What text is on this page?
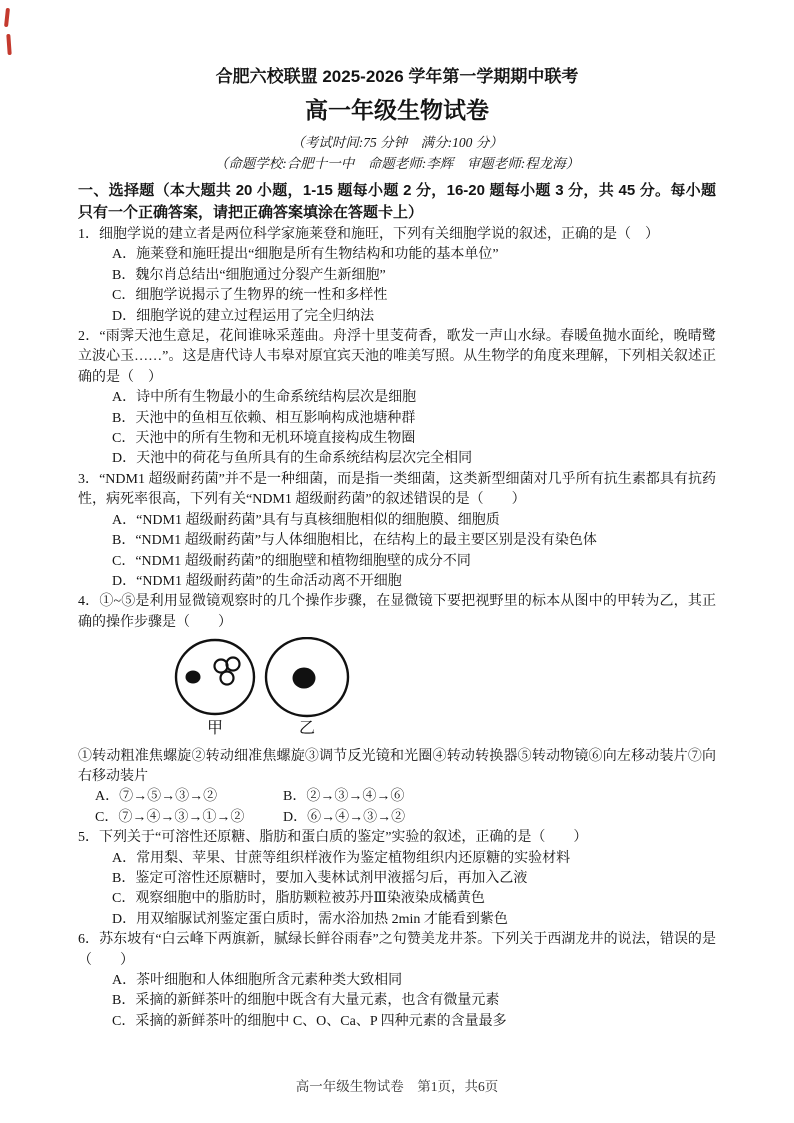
合肥六校联盟 2025-2026 学年第一学期期中联考

高一年级生物试卷

（考试时间:75 分钟　满分:100 分）

（命题学校:合肥十一中　命题老师:李辉　审题老师:程龙海）

一、选择题（本大题共 20 小题，1-15 题每小题 2 分，16-20 题每小题 3 分，共 45 分。每小题只有一个正确答案，请把正确答案填涂在答题卡上）

1．细胞学说的建立者是两位科学家施莱登和施旺，下列有关细胞学说的叙述，正确的是（　）

A．施莱登和施旺提出“细胞是所有生物结构和功能的基本单位”

B．魏尔肖总结出“细胞通过分裂产生新细胞”

C．细胞学说揭示了生物界的统一性和多样性

D．细胞学说的建立过程运用了完全归纳法

2．“雨霁天池生意足，花间谁咏采莲曲。舟浮十里芰荷香，歌发一声山水绿。春暖鱼抛水面纶，晚晴鹭立波心玉……”。这是唐代诗人韦皋对原宜宾天池的唯美写照。从生物学的角度来理解，下列相关叙述正确的是（　）

A．诗中所有生物最小的生命系统结构层次是细胞

B．天池中的鱼相互依赖、相互影响构成池塘种群

C．天池中的所有生物和无机环境直接构成生物圈

D．天池中的荷花与鱼所具有的生命系统结构层次完全相同

3．“NDM1 超级耐药菌”并不是一种细菌，而是指一类细菌，这类新型细菌对几乎所有抗生素都具有抗药性，病死率很高，下列有关“NDM1 超级耐药菌”的叙述错误的是（　　）

A．“NDM1 超级耐药菌”具有与真核细胞相似的细胞膜、细胞质

B．“NDM1 超级耐药菌”与人体细胞相比，在结构上的最主要区别是没有染色体

C．“NDM1 超级耐药菌”的细胞壁和植物细胞壁的成分不同

D．“NDM1 超级耐药菌”的生命活动离不开细胞

4．①~⑤是利用显微镜观察时的几个操作步骤，在显微镜下要把视野里的标本从图中的甲转为乙，其正确的操作步骤是（　　）

甲	乙

①转动粗准焦螺旋②转动细准焦螺旋③调节反光镜和光圈④转动转换器⑤转动物镜⑥向左移动装片⑦向右移动装片

A．⑦→⑤→③→②	B．②→③→④→⑥

C．⑦→④→③→①→②	D．⑥→④→③→②

5．下列关于“可溶性还原糖、脂肪和蛋白质的鉴定”实验的叙述，正确的是（　　）

A．常用梨、苹果、甘蔗等组织样液作为鉴定植物组织内还原糖的实验材料

B．鉴定可溶性还原糖时，要加入斐林试剂甲液摇匀后，再加入乙液

C．观察细胞中的脂肪时，脂肪颗粒被苏丹Ⅲ染液染成橘黄色

D．用双缩脲试剂鉴定蛋白质时，需水浴加热 2min 才能看到紫色

6．苏东坡有“白云峰下两旗新，腻绿长鲜谷雨春”之句赞美龙井茶。下列关于西湖龙井的说法，错误的是（　　）

A．茶叶细胞和人体细胞所含元素种类大致相同

B．采摘的新鲜茶叶的细胞中既含有大量元素，也含有微量元素

C．采摘的新鲜茶叶的细胞中 C、O、Ca、P 四种元素的含量最多

高一年级生物试卷　第1页，共6页
